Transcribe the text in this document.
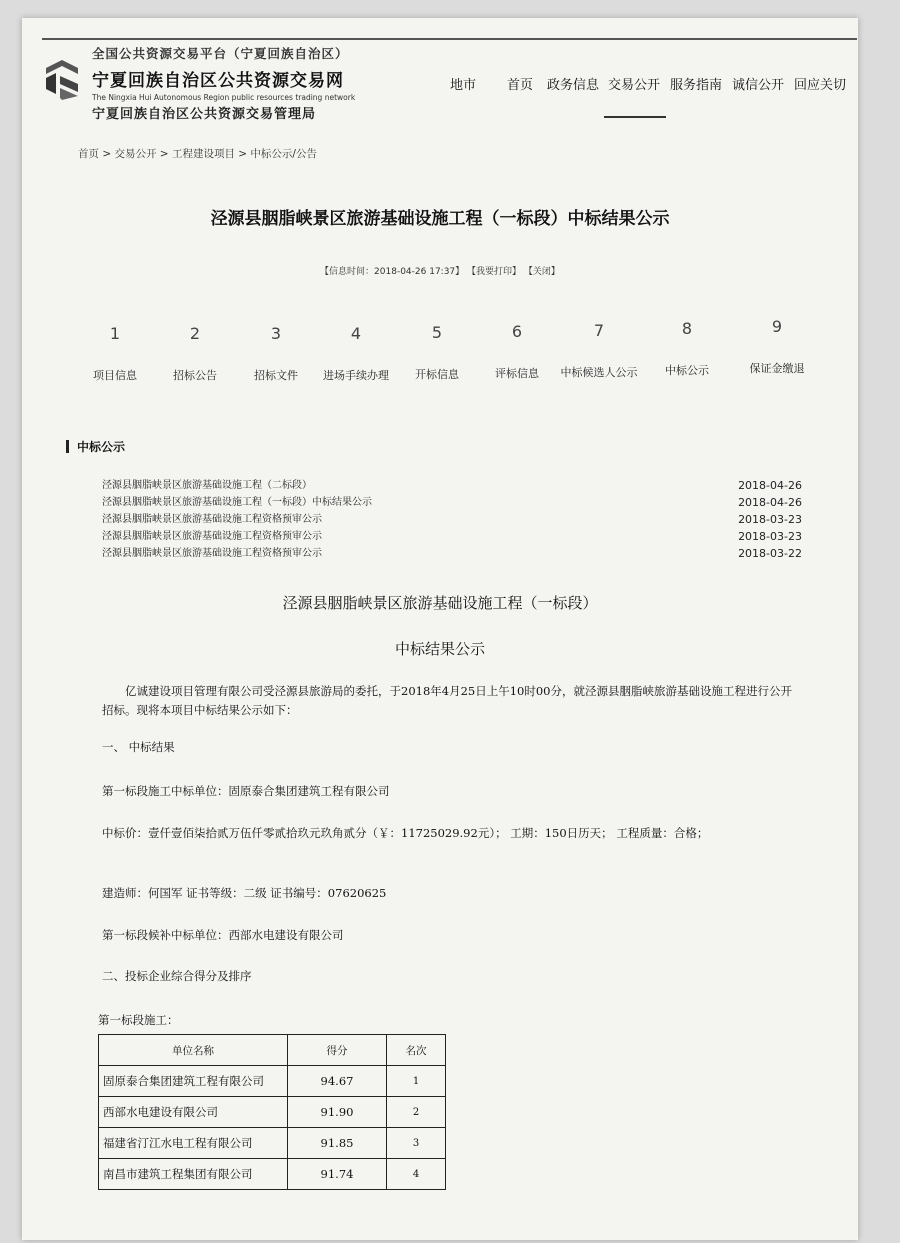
全国公共资源交易平台（宁夏回族自治区）
宁夏回族自治区公共资源交易网
The Ningxia Hui Autonomous Region public resources trading network
宁夏回族自治区公共资源交易管理局
地市 首页 政务信息 交易公开 服务指南 诚信公开 回应关切
首页 > 交易公开 > 工程建设项目 > 中标公示/公告
泾源县胭脂峡景区旅游基础设施工程（一标段）中标结果公示
【信息时间：2018-04-26 17:37】 【我要打印】 【关闭】
1
项目信息
2
招标公告
3
招标文件
4
进场手续办理
5
开标信息
6
评标信息
7
中标候选人公示
8
中标公示
9
保证金缴退
中标公示
泾源县胭脂峡景区旅游基础设施工程（二标段）	2018-04-26
泾源县胭脂峡景区旅游基础设施工程（一标段）中标结果公示	2018-04-26
泾源县胭脂峡景区旅游基础设施工程资格预审公示	2018-03-23
泾源县胭脂峡景区旅游基础设施工程资格预审公示	2018-03-23
泾源县胭脂峡景区旅游基础设施工程资格预审公示	2018-03-22
泾源县胭脂峡景区旅游基础设施工程（一标段）
中标结果公示
亿诚建设项目管理有限公司受泾源县旅游局的委托，于2018年4月25日上午10时00分，就泾源县胭脂峡旅游基础设施工程进行公开招标。现将本项目中标结果公示如下：
一、 中标结果
第一标段施工中标单位：固原泰合集团建筑工程有限公司
中标价：壹仟壹佰柒拾贰万伍仟零贰拾玖元玖角贰分（￥：11725029.92元）； 工期：150日历天； 工程质量：合格；
建造师：何国军 证书等级：二级 证书编号：07620625
第一标段候补中标单位：西部水电建设有限公司
二、投标企业综合得分及排序
第一标段施工：
单位名称	得分	名次
固原泰合集团建筑工程有限公司	94.67	1
西部水电建设有限公司	91.90	2
福建省汀江水电工程有限公司	91.85	3
南昌市建筑工程集团有限公司	91.74	4
